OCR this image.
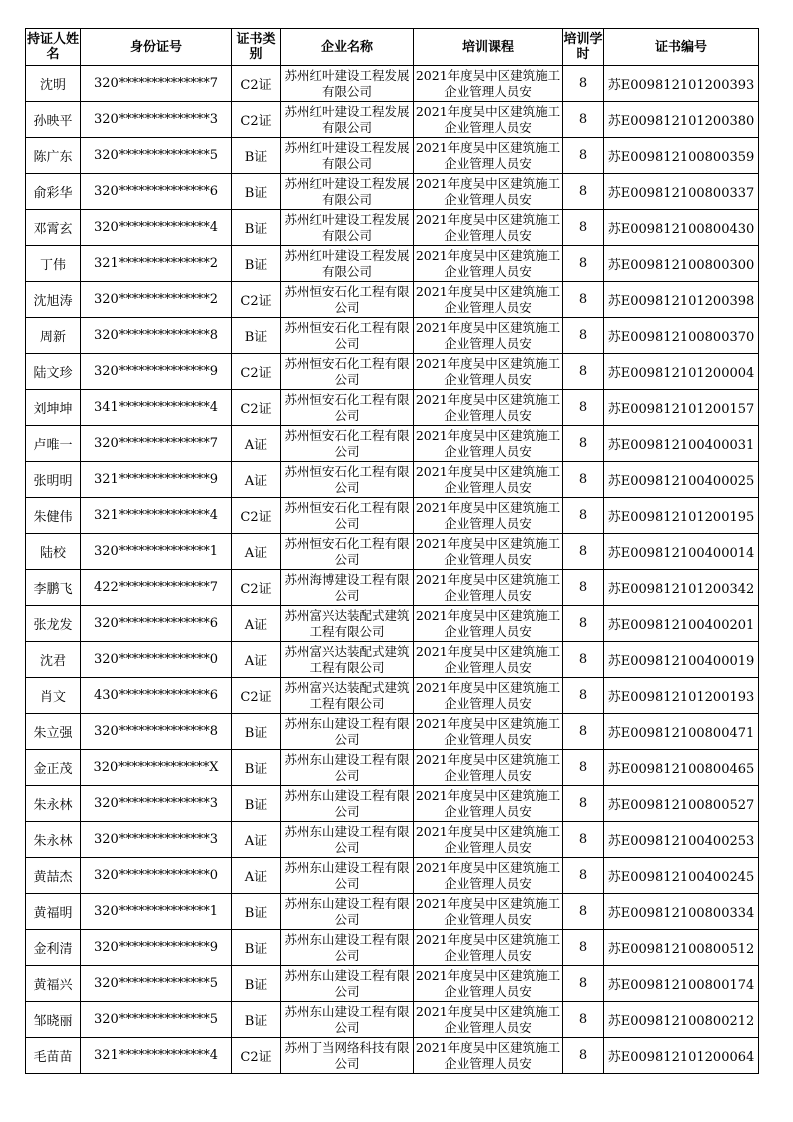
持证人姓名	身份证号	证书类别	企业名称	培训课程	培训学时	证书编号

沈明	320**************7	C2证	苏州红叶建设工程发展有限公司	2021年度吴中区建筑施工企业管理人员安	8	苏E009812101200393
孙映平	320**************3	C2证	苏州红叶建设工程发展有限公司	2021年度吴中区建筑施工企业管理人员安	8	苏E009812101200380
陈广东	320**************5	B证	苏州红叶建设工程发展有限公司	2021年度吴中区建筑施工企业管理人员安	8	苏E009812100800359
俞彩华	320**************6	B证	苏州红叶建设工程发展有限公司	2021年度吴中区建筑施工企业管理人员安	8	苏E009812100800337
邓霄玄	320**************4	B证	苏州红叶建设工程发展有限公司	2021年度吴中区建筑施工企业管理人员安	8	苏E009812100800430
丁伟	321**************2	B证	苏州红叶建设工程发展有限公司	2021年度吴中区建筑施工企业管理人员安	8	苏E009812100800300
沈旭涛	320**************2	C2证	苏州恒安石化工程有限公司	2021年度吴中区建筑施工企业管理人员安	8	苏E009812101200398
周新	320**************8	B证	苏州恒安石化工程有限公司	2021年度吴中区建筑施工企业管理人员安	8	苏E009812100800370
陆文珍	320**************9	C2证	苏州恒安石化工程有限公司	2021年度吴中区建筑施工企业管理人员安	8	苏E009812101200004
刘坤坤	341**************4	C2证	苏州恒安石化工程有限公司	2021年度吴中区建筑施工企业管理人员安	8	苏E009812101200157
卢唯一	320**************7	A证	苏州恒安石化工程有限公司	2021年度吴中区建筑施工企业管理人员安	8	苏E009812100400031
张明明	321**************9	A证	苏州恒安石化工程有限公司	2021年度吴中区建筑施工企业管理人员安	8	苏E009812100400025
朱健伟	321**************4	C2证	苏州恒安石化工程有限公司	2021年度吴中区建筑施工企业管理人员安	8	苏E009812101200195
陆校	320**************1	A证	苏州恒安石化工程有限公司	2021年度吴中区建筑施工企业管理人员安	8	苏E009812100400014
李鹏飞	422**************7	C2证	苏州海博建设工程有限公司	2021年度吴中区建筑施工企业管理人员安	8	苏E009812101200342
张龙发	320**************6	A证	苏州富兴达装配式建筑工程有限公司	2021年度吴中区建筑施工企业管理人员安	8	苏E009812100400201
沈君	320**************0	A证	苏州富兴达装配式建筑工程有限公司	2021年度吴中区建筑施工企业管理人员安	8	苏E009812100400019
肖文	430**************6	C2证	苏州富兴达装配式建筑工程有限公司	2021年度吴中区建筑施工企业管理人员安	8	苏E009812101200193
朱立强	320**************8	B证	苏州东山建设工程有限公司	2021年度吴中区建筑施工企业管理人员安	8	苏E009812100800471
金正茂	320**************X	B证	苏州东山建设工程有限公司	2021年度吴中区建筑施工企业管理人员安	8	苏E009812100800465
朱永林	320**************3	B证	苏州东山建设工程有限公司	2021年度吴中区建筑施工企业管理人员安	8	苏E009812100800527
朱永林	320**************3	A证	苏州东山建设工程有限公司	2021年度吴中区建筑施工企业管理人员安	8	苏E009812100400253
黄喆杰	320**************0	A证	苏州东山建设工程有限公司	2021年度吴中区建筑施工企业管理人员安	8	苏E009812100400245
黄福明	320**************1	B证	苏州东山建设工程有限公司	2021年度吴中区建筑施工企业管理人员安	8	苏E009812100800334
金利清	320**************9	B证	苏州东山建设工程有限公司	2021年度吴中区建筑施工企业管理人员安	8	苏E009812100800512
黄福兴	320**************5	B证	苏州东山建设工程有限公司	2021年度吴中区建筑施工企业管理人员安	8	苏E009812100800174
邹晓丽	320**************5	B证	苏州东山建设工程有限公司	2021年度吴中区建筑施工企业管理人员安	8	苏E009812100800212
毛苗苗	321**************4	C2证	苏州丁当网络科技有限公司	2021年度吴中区建筑施工企业管理人员安	8	苏E009812101200064
